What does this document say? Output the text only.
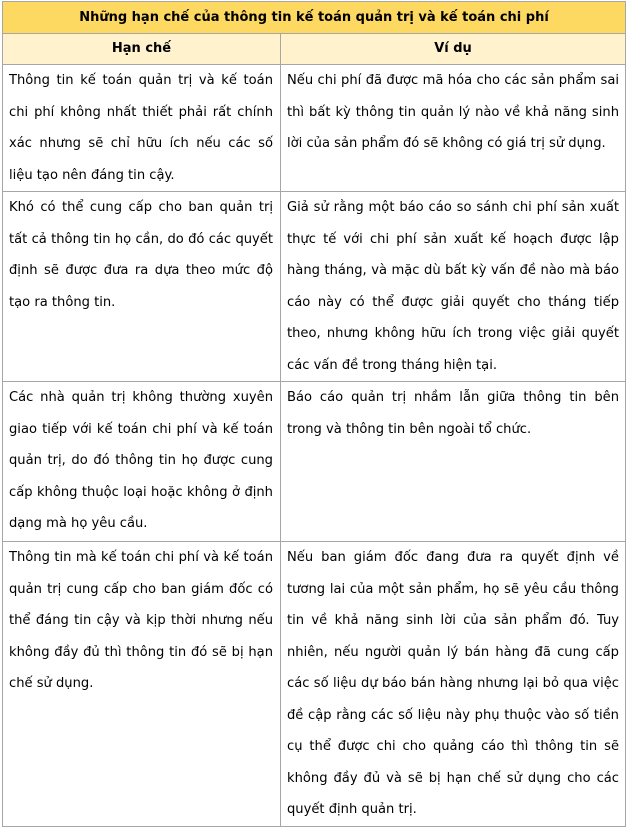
Những hạn chế của thông tin kế toán quản trị và kế toán chi phí	
Hạn chế	Ví dụ
Thông tin kế toán quản trị và kế toán chi phí không nhất thiết phải rất chính xác nhưng sẽ chỉ hữu ích nếu các số liệu tạo nên đáng tin cậy.	Nếu chi phí đã được mã hóa cho các sản phẩm sai thì bất kỳ thông tin quản lý nào về khả năng sinh lời của sản phẩm đó sẽ không có giá trị sử dụng.
Khó có thể cung cấp cho ban quản trị tất cả thông tin họ cần, do đó các quyết định sẽ được đưa ra dựa theo mức độ tạo ra thông tin.	Giả sử rằng một báo cáo so sánh chi phí sản xuất thực tế với chi phí sản xuất kế hoạch được lập hàng tháng, và mặc dù bất kỳ vấn đề nào mà báo cáo này có thể được giải quyết cho tháng tiếp theo, nhưng không hữu ích trong việc giải quyết các vấn đề trong tháng hiện tại.
Các nhà quản trị không thường xuyên giao tiếp với kế toán chi phí và kế toán quản trị, do đó thông tin họ được cung cấp không thuộc loại hoặc không ở định dạng mà họ yêu cầu.	Báo cáo quản trị nhầm lẫn giữa thông tin bên trong và thông tin bên ngoài tổ chức.
Thông tin mà kế toán chi phí và kế toán quản trị cung cấp cho ban giám đốc có thể đáng tin cậy và kịp thời nhưng nếu không đầy đủ thì thông tin đó sẽ bị hạn chế sử dụng.	Nếu ban giám đốc đang đưa ra quyết định về tương lai của một sản phẩm, họ sẽ yêu cầu thông tin về khả năng sinh lời của sản phẩm đó. Tuy nhiên, nếu người quản lý bán hàng đã cung cấp các số liệu dự báo bán hàng nhưng lại bỏ qua việc đề cập rằng các số liệu này phụ thuộc vào số tiền cụ thể được chi cho quảng cáo thì thông tin sẽ không đầy đủ và sẽ bị hạn chế sử dụng cho các quyết định quản trị.
